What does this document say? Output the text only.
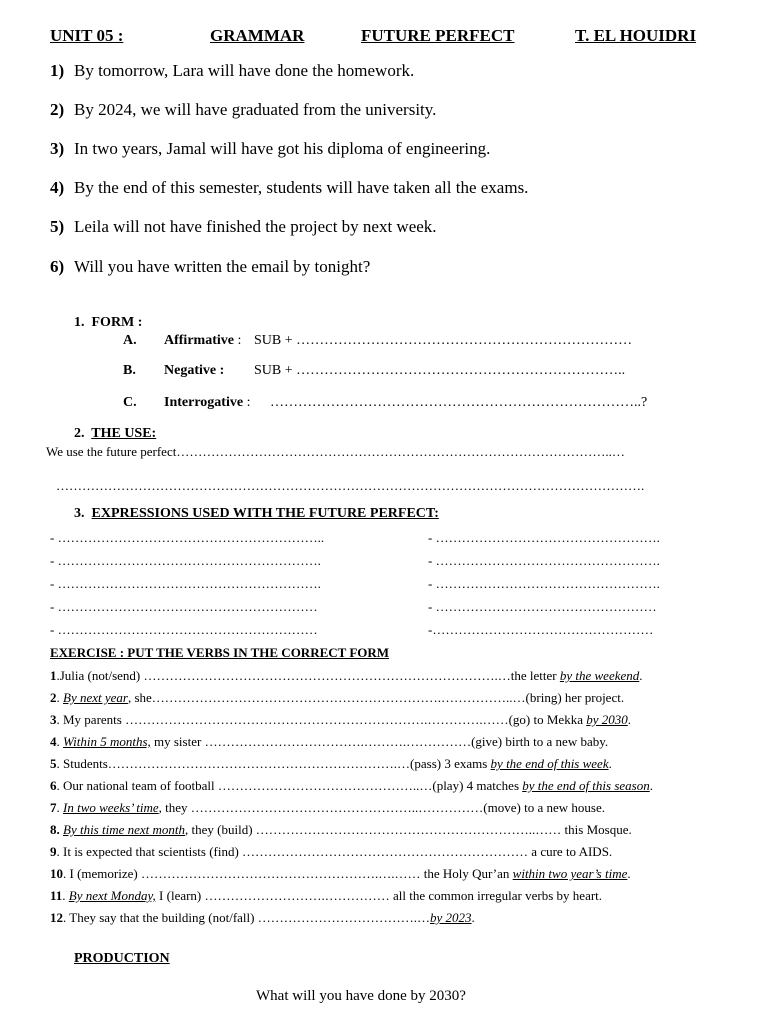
UNIT 05 :	GRAMMAR	FUTURE PERFECT	T. EL HOUIDRI
1) By tomorrow, Lara will have done the homework.
2) By 2024, we will have graduated from the university.
3) In two years, Jamal will have got his diploma of engineering.
4) By the end of this semester, students will have taken all the exams.
5) Leila will not have finished the project by next week.
6) Will you have written the email by tonight?
1. FORM :
A. Affirmative : SUB + ………………………………………………………………
B. Negative : SUB + ……………………………………………………………..
C. Interrogative : ……………………………………………………………………..?
2. THE USE:
We use the future perfect………………………………………………………………………………………..…
……………………………………………………………………………………………………………………….
3. EXPRESSIONS USED WITH THE FUTURE PERFECT:
- ……………………………………………………..
- …………………………………………………….
- …………………………………………………….
- ……………………………………………………
- ……………………………………………………
- …………………………………………….
- …………………………………………….
- …………………………………………….
- ……………………………………………
-……………………………………………
EXERCISE : PUT THE VERBS IN THE CORRECT FORM
1.Julia (not/send) ……………………………………………………………………….…the letter by the weekend.
2. By next year, she………………………………………………………….……………..…(bring) her project.
3. My parents …………………………………………………………….………….……(go) to Mekka by 2030.
4. Within 5 months, my sister ……………………………….……….……………(give) birth to a new baby.
5. Students………………………………………………………….…(pass) 3 exams by the end of this week.
6. Our national team of football ………………………………………..…(play) 4 matches by the end of this season.
7. In two weeks’ time, they ……………………………………………..……………(move) to a new house.
8. By this time next month, they (build) ………………………………………………………..…… this Mosque.
9. It is expected that scientists (find) ………………………………………………………… a cure to AIDS.
10. I (memorize) ……………………………………………….….…… the Holy Qur’an within two year’s time.
11. By next Monday, I (learn) ……………………….…………… all the common irregular verbs by heart.
12. They say that the building (not/fall) ……………………………….…by 2023.
PRODUCTION
What will you have done by 2030?
